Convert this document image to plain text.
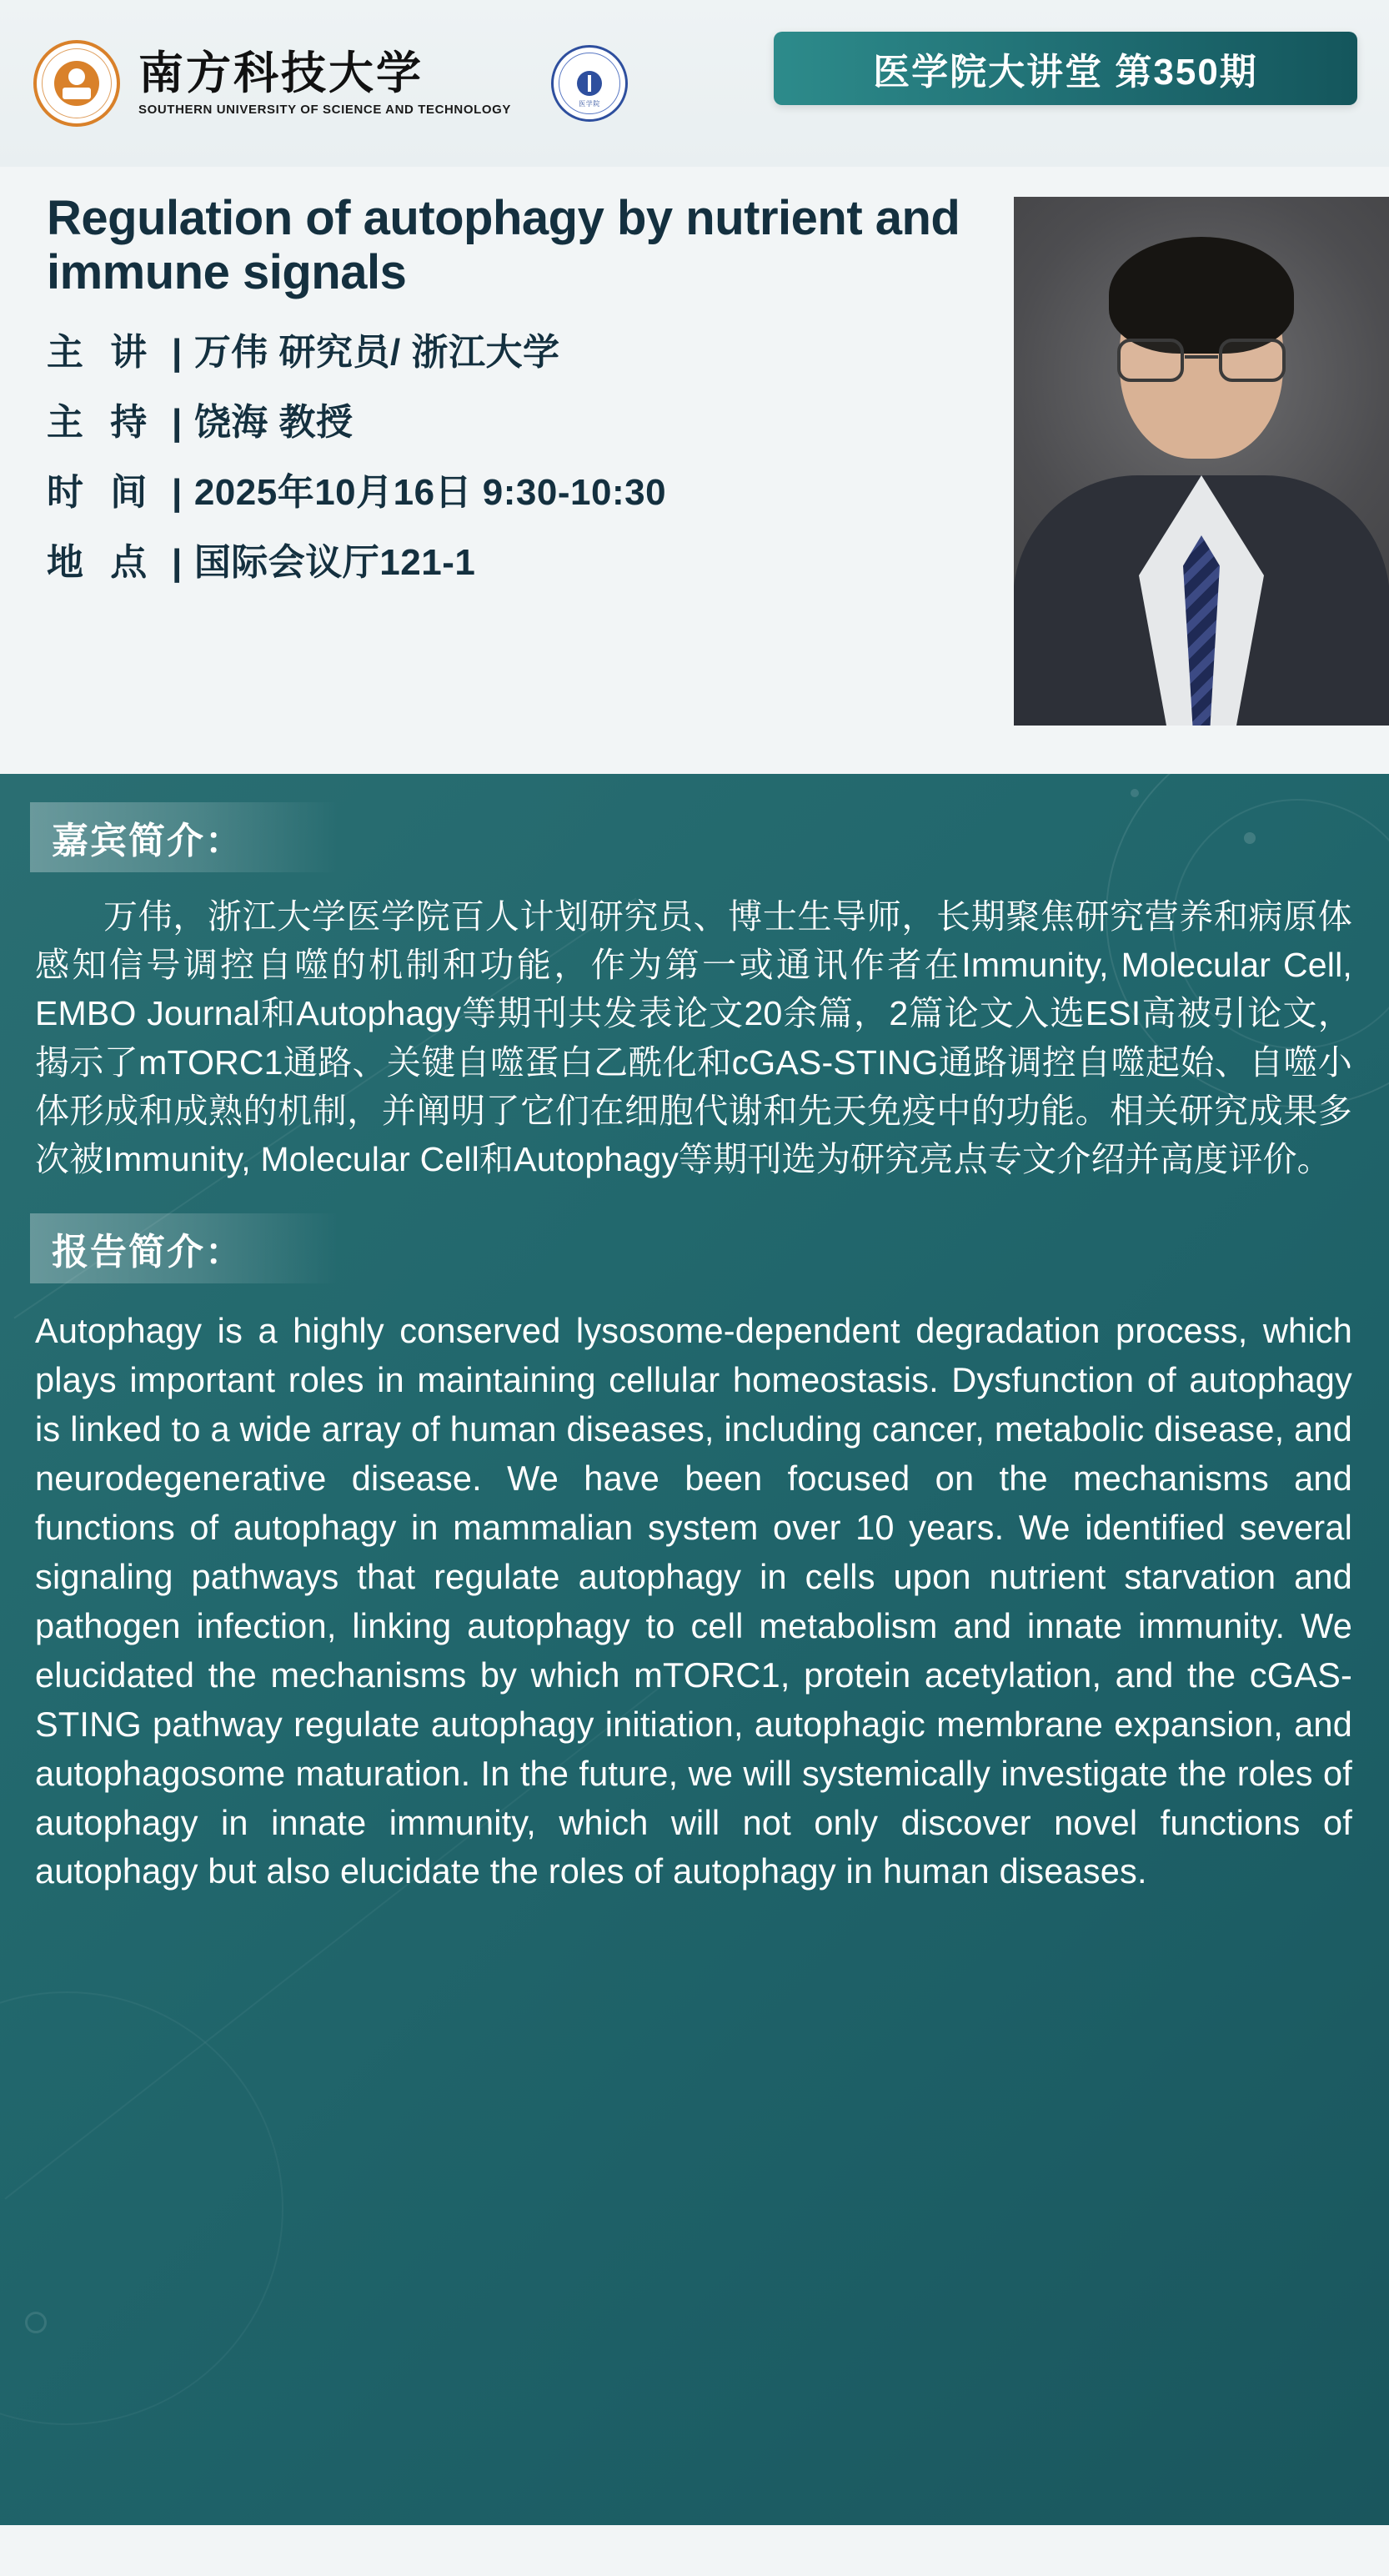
南方科技大学
SOUTHERN UNIVERSITY OF SCIENCE AND TECHNOLOGY	医学院
医学院大讲堂 第350期
Regulation of autophagy by nutrient and immune signals
主 讲 | 万伟 研究员/ 浙江大学
主 持 | 饶海 教授
时 间 | 2025年10月16日 9:30-10:30
地 点 | 国际会议厅121-1
嘉宾简介：
万伟，浙江大学医学院百人计划研究员、博士生导师，长期聚焦研究营养和病原体感知信号调控自噬的机制和功能，作为第一或通讯作者在Immunity, Molecular Cell, EMBO Journal和Autophagy等期刊共发表论文20余篇，2篇论文入选ESI高被引论文，揭示了mTORC1通路、关键自噬蛋白乙酰化和cGAS-STING通路调控自噬起始、自噬小体形成和成熟的机制，并阐明了它们在细胞代谢和先天免疫中的功能。相关研究成果多次被Immunity, Molecular Cell和Autophagy等期刊选为研究亮点专文介绍并高度评价。
报告简介：
Autophagy is a highly conserved lysosome-dependent degradation process, which plays important roles in maintaining cellular homeostasis. Dysfunction of autophagy is linked to a wide array of human diseases, including cancer, metabolic disease, and neurodegenerative disease. We have been focused on the mechanisms and functions of autophagy in mammalian system over 10 years. We identified several signaling pathways that regulate autophagy in cells upon nutrient starvation and pathogen infection, linking autophagy to cell metabolism and innate immunity. We elucidated the mechanisms by which mTORC1, protein acetylation, and the cGAS-STING pathway regulate autophagy initiation, autophagic membrane expansion, and autophagosome maturation. In the future, we will systemically investigate the roles of autophagy in innate immunity, which will not only discover novel functions of autophagy but also elucidate the roles of autophagy in human diseases.
